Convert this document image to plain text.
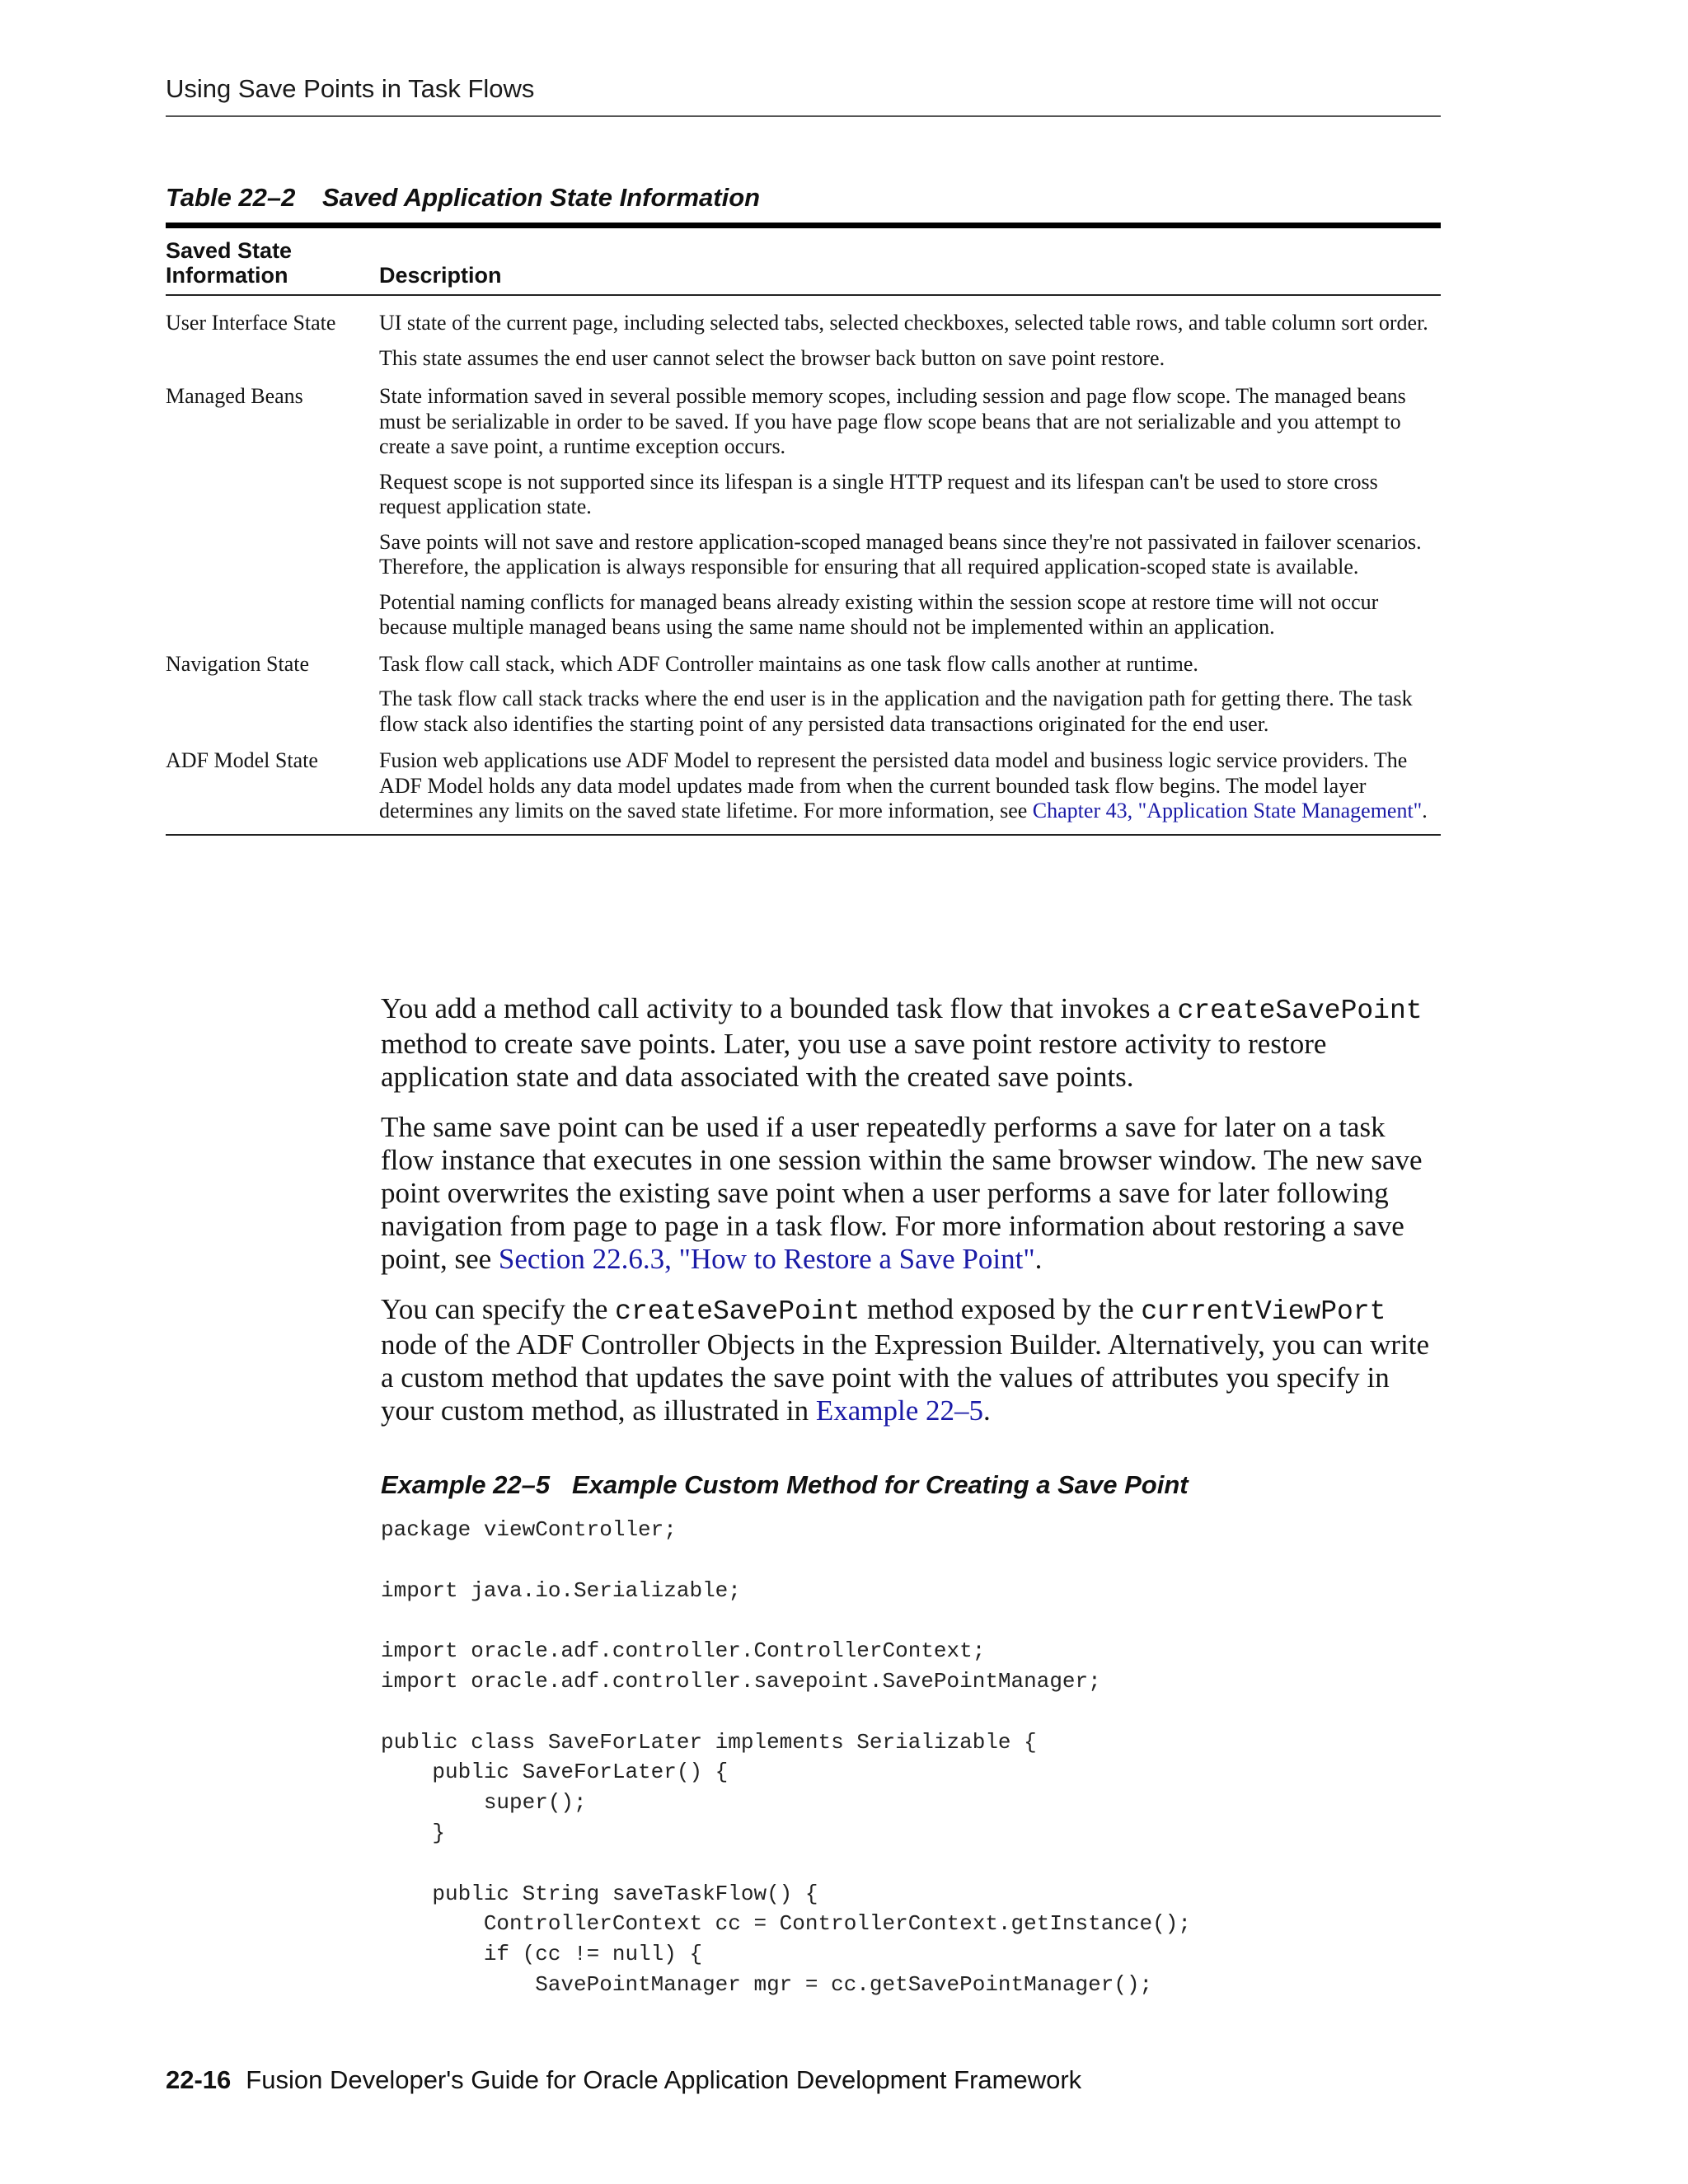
Using Save Points in Task Flows
Table 22–2 Saved Application State Information
Saved State Information	Description
User Interface State	UI state of the current page, including selected tabs, selected checkboxes, selected table rows, and table column sort order.

This state assumes the end user cannot select the browser back button on save point restore.

Managed Beans	State information saved in several possible memory scopes, including session and page flow scope. The managed beans must be serializable in order to be saved. If you have page flow scope beans that are not serializable and you attempt to create a save point, a runtime exception occurs.

Request scope is not supported since its lifespan is a single HTTP request and its lifespan can't be used to store cross request application state.

Save points will not save and restore application-scoped managed beans since they're not passivated in failover scenarios. Therefore, the application is always responsible for ensuring that all required application-scoped state is available.

Potential naming conflicts for managed beans already existing within the session scope at restore time will not occur because multiple managed beans using the same name should not be implemented within an application.

Navigation State	Task flow call stack, which ADF Controller maintains as one task flow calls another at runtime.

The task flow call stack tracks where the end user is in the application and the navigation path for getting there. The task flow stack also identifies the starting point of any persisted data transactions originated for the end user.

ADF Model State	Fusion web applications use ADF Model to represent the persisted data model and business logic service providers. The ADF Model holds any data model updates made from when the current bounded task flow begins. The model layer determines any limits on the saved state lifetime. For more information, see Chapter 43, "Application State Management".

You add a method call activity to a bounded task flow that invokes a createSavePoint method to create save points. Later, you use a save point restore activity to restore application state and data associated with the created save points.

The same save point can be used if a user repeatedly performs a save for later on a task flow instance that executes in one session within the same browser window. The new save point overwrites the existing save point when a user performs a save for later following navigation from page to page in a task flow. For more information about restoring a save point, see Section 22.6.3, "How to Restore a Save Point".

You can specify the createSavePoint method exposed by the currentViewPort node of the ADF Controller Objects in the Expression Builder. Alternatively, you can write a custom method that updates the save point with the values of attributes you specify in your custom method, as illustrated in Example 22–5.

Example 22–5 Example Custom Method for Creating a Save Point
package viewController;

import java.io.Serializable;

import oracle.adf.controller.ControllerContext;
import oracle.adf.controller.savepoint.SavePointManager;

public class SaveForLater implements Serializable {
public SaveForLater() {
super();
}

public String saveTaskFlow() {
ControllerContext cc = ControllerContext.getInstance();
if (cc != null) {
SavePointManager mgr = cc.getSavePointManager();
22-16 Fusion Developer's Guide for Oracle Application Development Framework
